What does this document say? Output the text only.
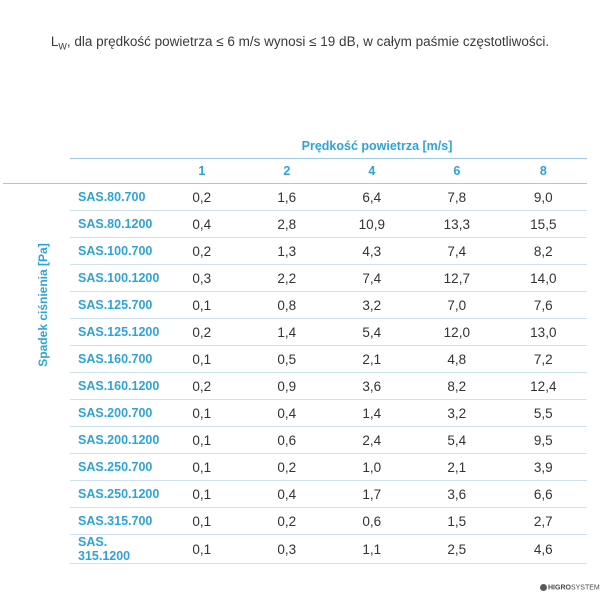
$L_W$, dla prędkość powietrza ≤ 6 m/s wynosi ≤ 19 dB, w całym paśmie częstotliwości.
Prędkość powietrza [m/s]
Spadek ciśnienia [Pa]
		1	2	4	6	8
	SAS.80.700	0,2	1,6	6,4	7,8	9,0
	SAS.80.1200	0,4	2,8	10,9	13,3	15,5
	SAS.100.700	0,2	1,3	4,3	7,4	8,2
	SAS.100.1200	0,3	2,2	7,4	12,7	14,0
	SAS.125.700	0,1	0,8	3,2	7,0	7,6
	SAS.125.1200	0,2	1,4	5,4	12,0	13,0
	SAS.160.700	0,1	0,5	2,1	4,8	7,2
	SAS.160.1200	0,2	0,9	3,6	8,2	12,4
	SAS.200.700	0,1	0,4	1,4	3,2	5,5
	SAS.200.1200	0,1	0,6	2,4	5,4	9,5
	SAS.250.700	0,1	0,2	1,0	2,1	3,9
	SAS.250.1200	0,1	0,4	1,7	3,6	6,6
	SAS.315.700	0,1	0,2	0,6	1,5	2,7
	SAS. 315.1200	0,1	0,3	1,1	2,5	4,6
HIGROSYSTEM
